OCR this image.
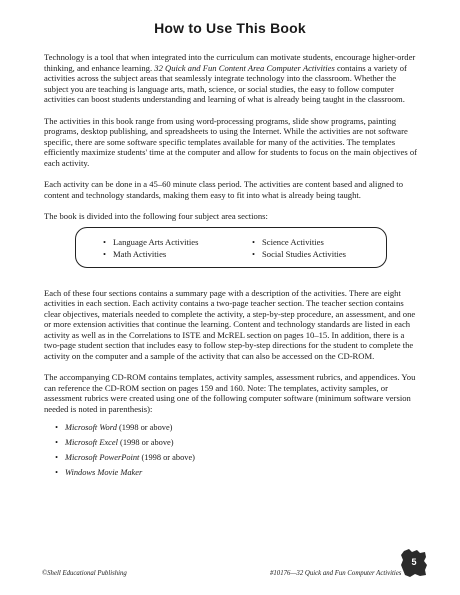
How to Use This Book

Technology is a tool that when integrated into the curriculum can motivate students, encourage higher-order thinking, and enhance learning. 32 Quick and Fun Content Area Computer Activities contains a variety of activities across the subject areas that seamlessly integrate technology into the classroom. Whether the subject you are teaching is language arts, math, science, or social studies, the easy to follow computer activities can boost students understanding and learning of what is already being taught in the classroom.

The activities in this book range from using word-processing programs, slide show programs, painting programs, desktop publishing, and spreadsheets to using the Internet. While the activities are not software specific, there are some software specific templates available for many of the activities. The templates efficiently maximize students' time at the computer and allow for students to focus on the main objectives of each activity.

Each activity can be done in a 45–60 minute class period. The activities are content based and aligned to content and technology standards, making them easy to fit into what is already being taught.

The book is divided into the following four subject area sections:

• Language Arts Activities
• Math Activities
• Science Activities
• Social Studies Activities

Each of these four sections contains a summary page with a description of the activities. There are eight activities in each section. Each activity contains a two-page teacher section. The teacher section contains clear objectives, materials needed to complete the activity, a step-by-step procedure, an assessment, and one or more extension activities that continue the learning. Content and technology standards are listed in each activity as well as in the Correlations to ISTE and McREL section on pages 10–15. In addition, there is a two-page student section that includes easy to follow step-by-step directions for the student to complete the activity on the computer and a sample of the activity that can also be accessed on the CD-ROM.

The accompanying CD-ROM contains templates, activity samples, assessment rubrics, and appendices. You can reference the CD-ROM section on pages 159 and 160. Note: The templates, activity samples, or assessment rubrics were created using one of the following computer software (minimum software version needed is noted in parenthesis):

• Microsoft Word (1998 or above)
• Microsoft Excel (1998 or above)
• Microsoft PowerPoint (1998 or above)
• Windows Movie Maker
©Shell Educational Publishing	#10176—32 Quick and Fun Computer Activities
5
